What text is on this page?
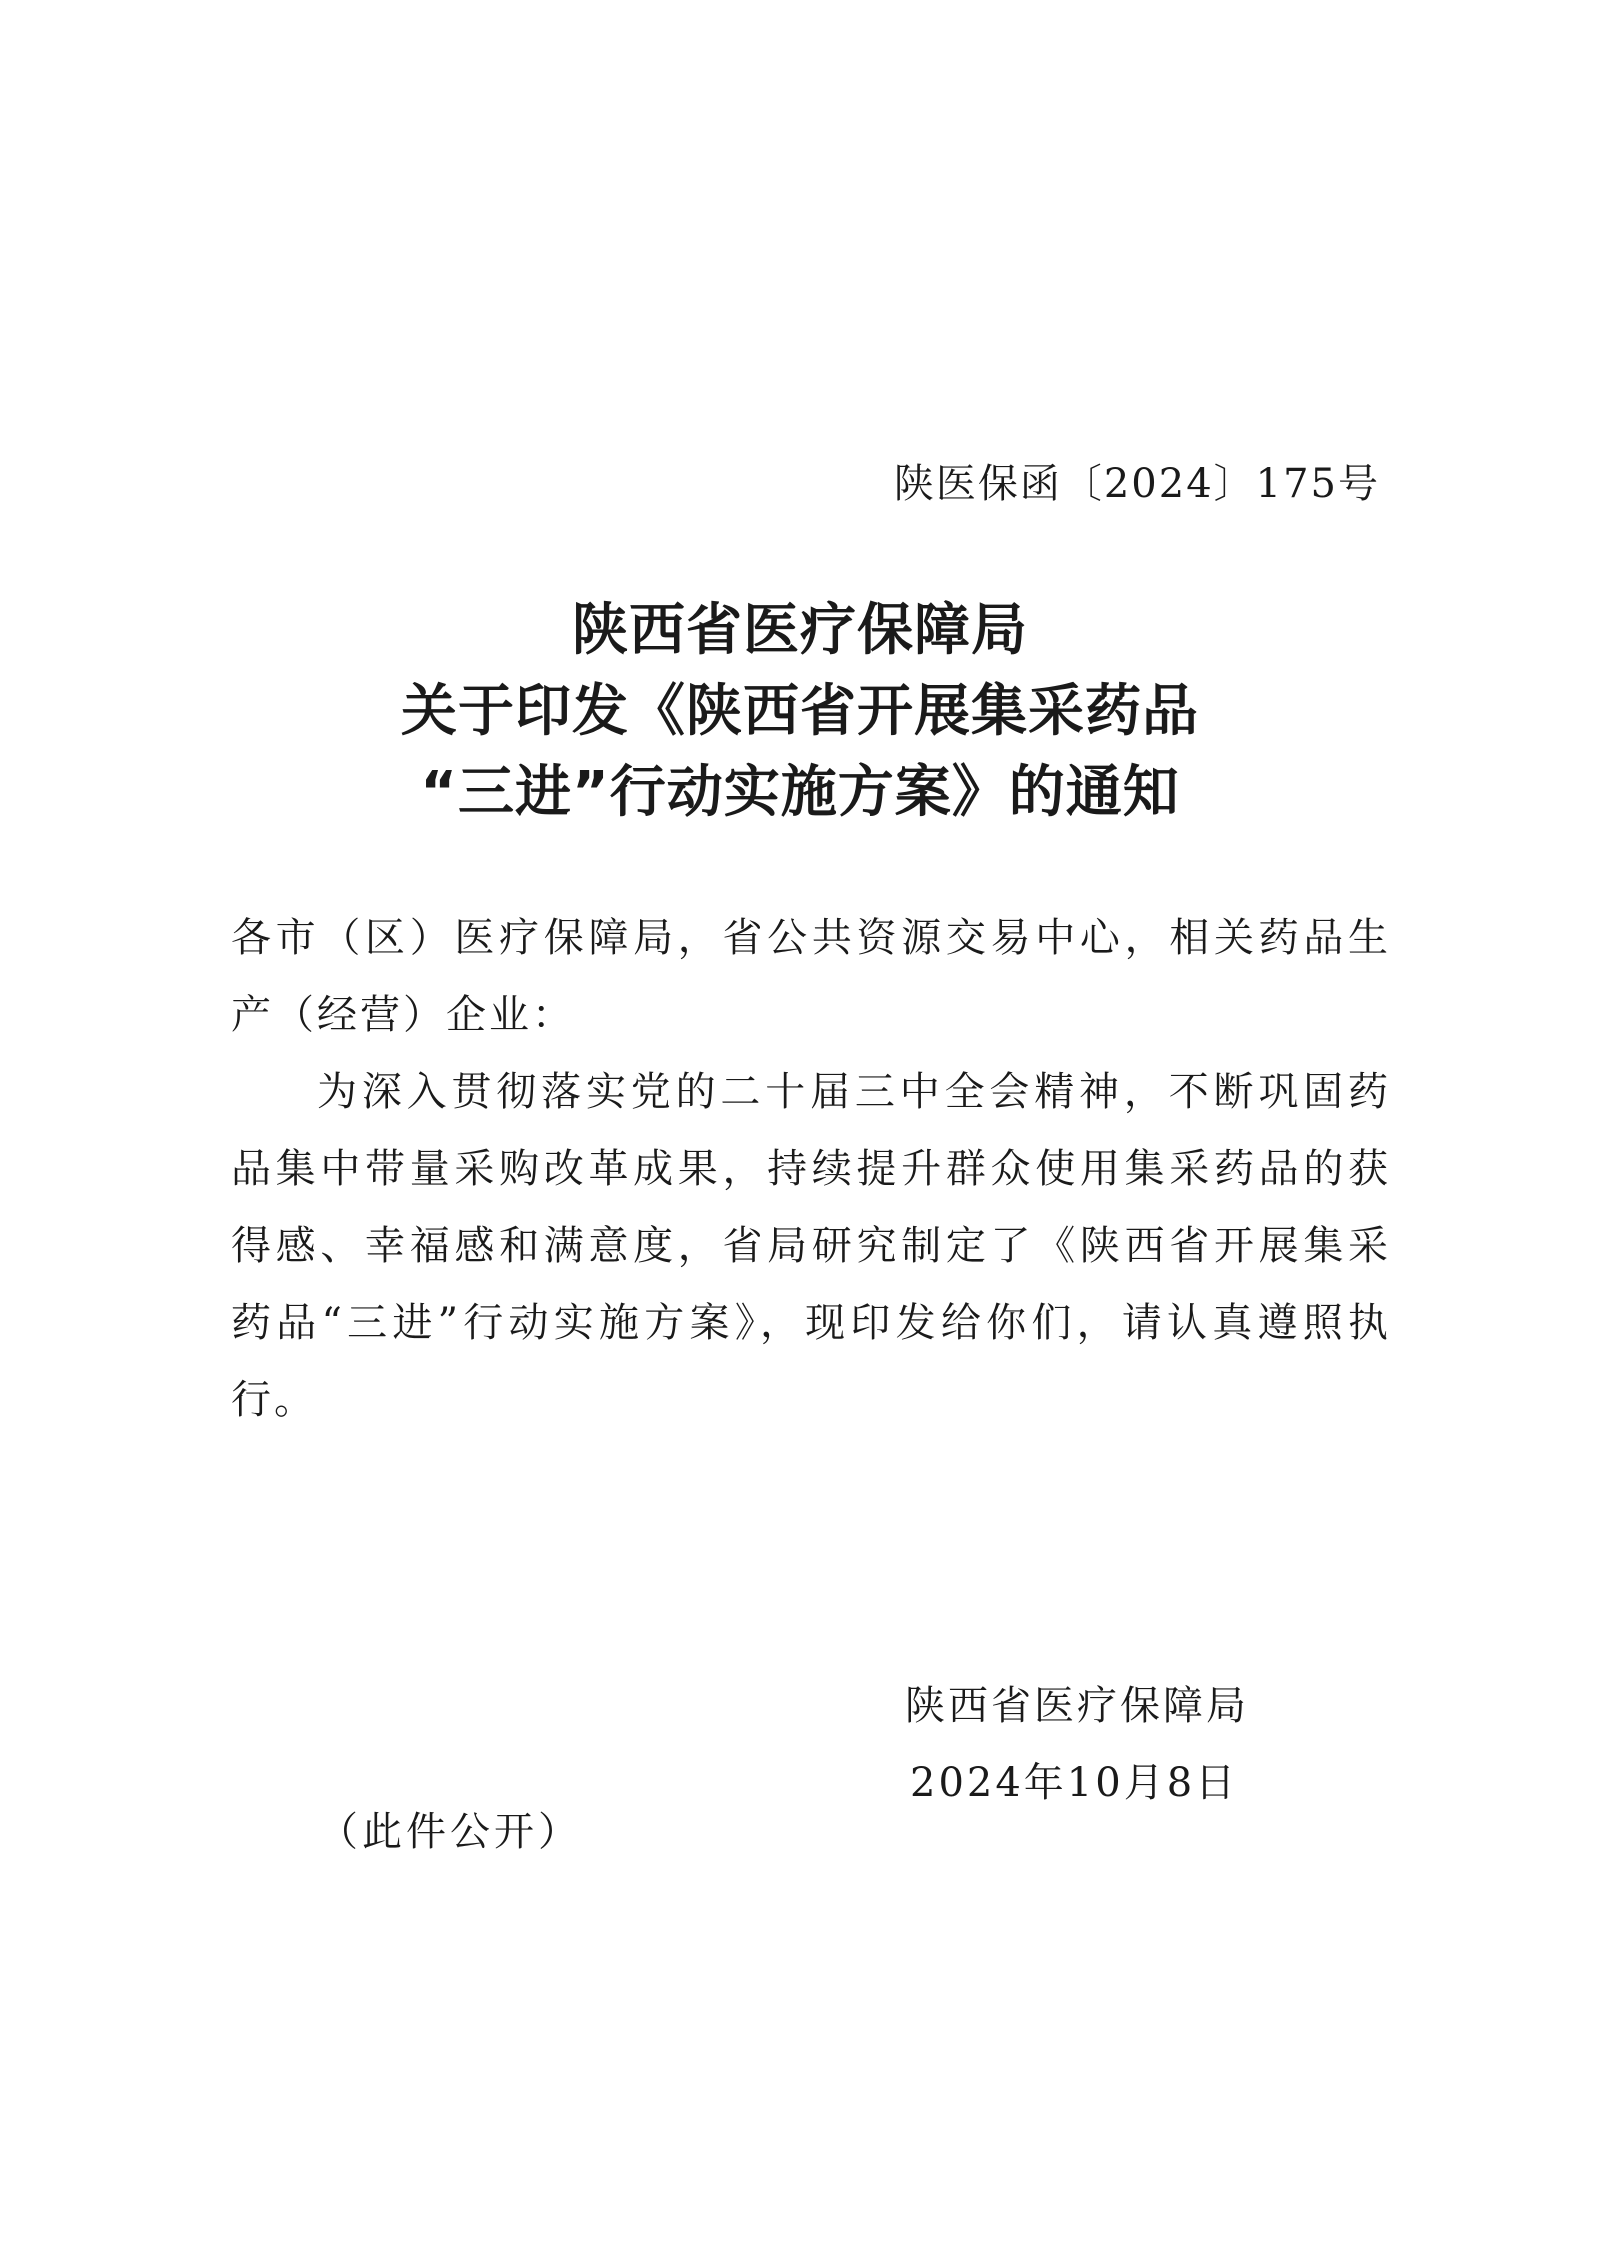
陕医保函〔2024〕175号
陕西省医疗保障局
关于印发《陕西省开展集采药品
“三进”行动实施方案》的通知

各市（区）医疗保障局，省公共资源交易中心，相关药品生产（经营）企业：

为深入贯彻落实党的二十届三中全会精神，不断巩固药品集中带量采购改革成果，持续提升群众使用集采药品的获得感、幸福感和满意度，省局研究制定了《陕西省开展集采药品“三进”行动实施方案》，现印发给你们，请认真遵照执行。

陕西省医疗保障局
2024年10月8日
（此件公开）
